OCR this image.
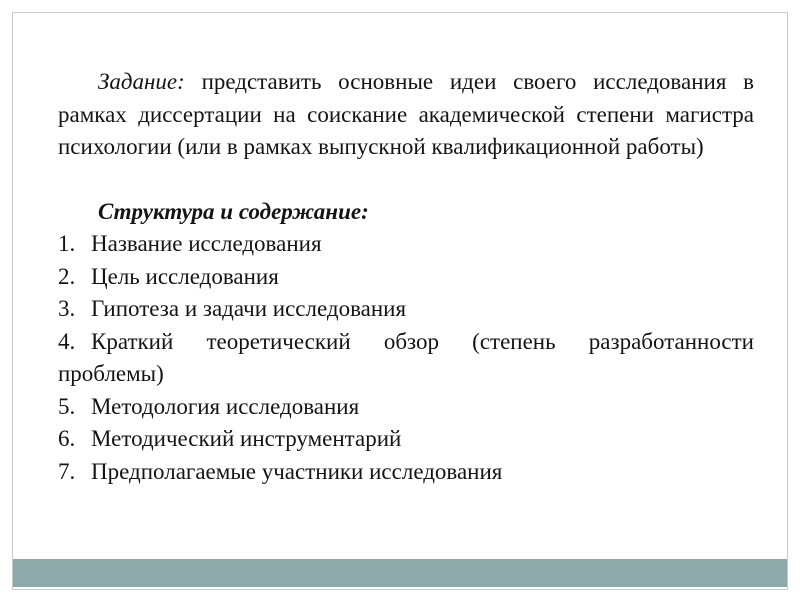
Задание: представить основные идеи своего исследования в рамках диссертации на соискание академической степени магистра психологии (или в рамках выпускной квалификационной работы)

Структура и содержание:

1. Название исследования
2. Цель исследования
3. Гипотеза и задачи исследования
4. Краткий теоретический обзор (степень разработанности проблемы)
5. Методология исследования
6. Методический инструментарий
7. Предполагаемые участники исследования
